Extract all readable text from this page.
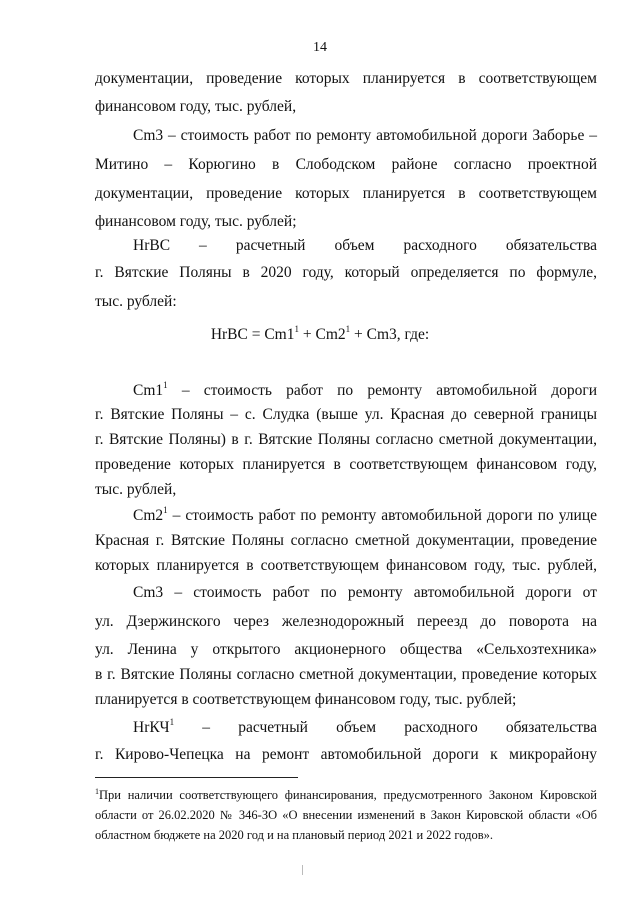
14
документации, проведение которых планируется в соответствующем
финансовом году, тыс. рублей,
Cm3 – стоимость работ по ремонту автомобильной дороги Заборье –
Митино – Корюгино в Слободском районе согласно проектной
документации, проведение которых планируется в соответствующем
финансовом году, тыс. рублей;
HrВС – расчетный объем расходного обязательства
г. Вятские Поляны в 2020 году, который определяется по формуле,
тыс. рублей:
HrВС = $Cm1^1 + Cm2^1 + Cm3$, где:
$Cm1^1$ – стоимость работ по ремонту автомобильной дороги
г. Вятские Поляны – с. Слудка (выше ул. Красная до северной границы
г. Вятские Поляны) в г. Вятские Поляны согласно сметной документации,
проведение которых планируется в соответствующем финансовом году,
тыс. рублей,
$Cm2^1$ – стоимость работ по ремонту автомобильной дороги по улице
Красная г. Вятские Поляны согласно сметной документации, проведение
которых планируется в соответствующем финансовом году, тыс. рублей,
Cm3 – стоимость работ по ремонту автомобильной дороги от
ул. Дзержинского через железнодорожный переезд до поворота на
ул. Ленина у открытого акционерного общества «Сельхозтехника»
в г. Вятские Поляны согласно сметной документации, проведение которых
планируется в соответствующем финансовом году, тыс. рублей;
HrКЧ$^1$ – расчетный объем расходного обязательства
г. Кирово-Чепецка на ремонт автомобильной дороги к микрорайону
$^1$При наличии соответствующего финансирования, предусмотренного Законом Кировской
области от 26.02.2020 № 346-ЗО «О внесении изменений в Закон Кировской области «Об
областном бюджете на 2020 год и на плановый период 2021 и 2022 годов».
